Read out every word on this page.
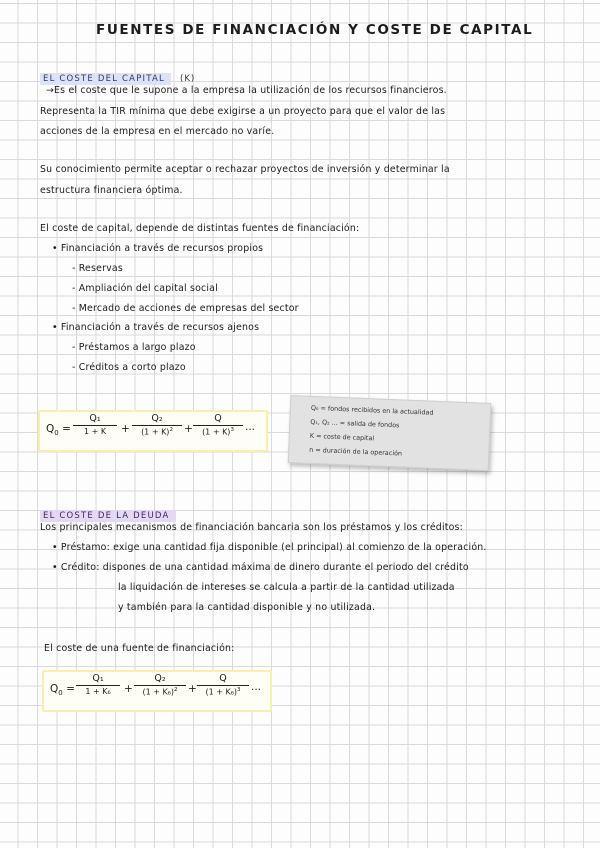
FUENTES DE FINANCIACIÓN Y COSTE DE CAPITAL
EL COSTE DEL CAPITAL (K)
→Es el coste que le supone a la empresa la utilización de los recursos financieros.
Representa la TIR mínima que debe exigirse a un proyecto para que el valor de las
acciones de la empresa en el mercado no varíe.
Su conocimiento permite aceptar o rechazar proyectos de inversión y determinar la
estructura financiera óptima.
El coste de capital, depende de distintas fuentes de financiación:
• Financiación a través de recursos propios
- Reservas
- Ampliación del capital social
- Mercado de acciones de empresas del sector
• Financiación a través de recursos ajenos
- Préstamos a largo plazo
- Créditos a corto plazo
$Q_0$ =
Q₁
1 + K	+
Q₂
$(1 + K)^2$	+
Q
$(1 + K)^3$	...
Q₀ = fondos recibidos en la actualidad
Q₁, Q₂ ... = salida de fondos
K = coste de capital
n = duración de la operación
EL COSTE DE LA DEUDA
Los principales mecanismos de financiación bancaria son los préstamos y los créditos:
• Préstamo: exige una cantidad fija disponible (el principal) al comienzo de la operación.
• Crédito: dispones de una cantidad máxima de dinero durante el periodo del crédito
la liquidación de intereses se calcula a partir de la cantidad utilizada
y también para la cantidad disponible y no utilizada.
El coste de una fuente de financiación:
$Q_0$ =
Q₁
1 + K₆	+
Q₂
$(1 + K_6)^2$ +
Q
$(1 + K_6)^3$ ...
